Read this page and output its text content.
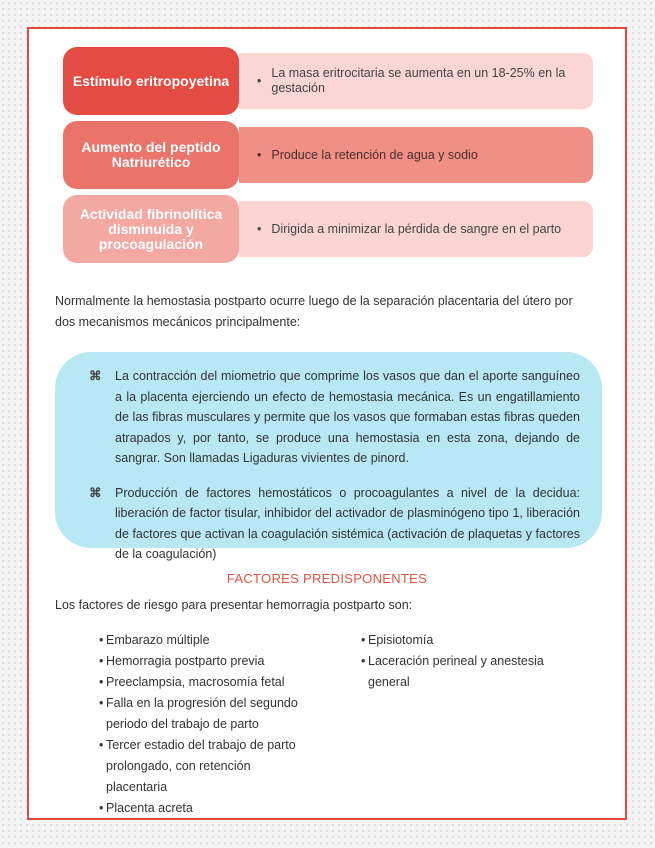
Estímulo eritropoyetina	•
La masa eritrocitaria se aumenta en un 18-25% en la gestación
Aumento del peptido Natriurético	• Produce la retención de agua y sodio
Actividad fibrinolítica disminuida y procoagulación
• Dirigida a minimizar la pérdida de sangre en el parto
Normalmente la hemostasia postparto ocurre luego de la separación placentaria del útero por dos mecanismos mecánicos principalmente:
⌘ La contracción del miometrio que comprime los vasos que dan el aporte sanguíneo a la placenta ejerciendo un efecto de hemostasia mecánica. Es un engatillamiento de las fibras musculares y permite que los vasos que formaban estas fibras queden atrapados y, por tanto, se produce una hemostasia en esta zona, dejando de sangrar. Son llamadas Ligaduras vivientes de pinord.
⌘ Producción de factores hemostáticos o procoagulantes a nivel de la decidua: liberación de factor tisular, inhibidor del activador de plasminógeno tipo 1, liberación de factores que activan la coagulación sistémica (activación de plaquetas y factores de la coagulación)
FACTORES PREDISPONENTES
Los factores de riesgo para presentar hemorragia postparto son:
• Embarazo múltiple
• Hemorragia postparto previa
• Preeclampsia, macrosomía fetal
• Falla en la progresión del segundo periodo del trabajo de parto
• Tercer estadio del trabajo de parto prolongado, con retención placentaria
• Placenta acreta
• Episiotomía
• Laceración perineal y anestesia general
